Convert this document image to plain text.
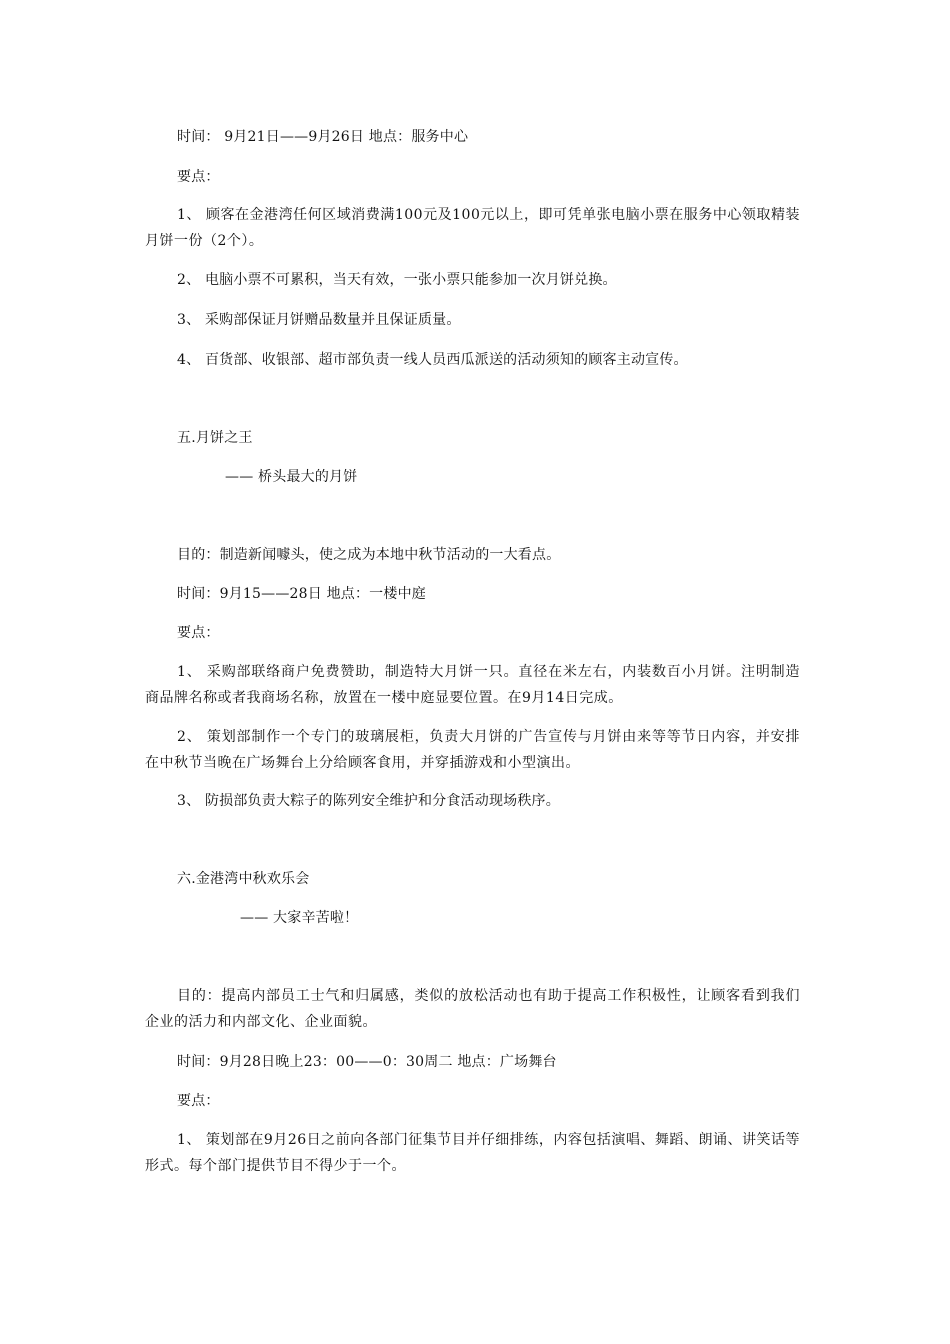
时间： 9月21日——9月26日 地点：服务中心
要点：
1、 顾客在金港湾任何区域消费满100元及100元以上，即可凭单张电脑小票在服务中心领取精装月饼一份（2个）。
2、 电脑小票不可累积，当天有效，一张小票只能参加一次月饼兑换。
3、 采购部保证月饼赠品数量并且保证质量。
4、 百货部、收银部、超市部负责一线人员西瓜派送的活动须知的顾客主动宣传。
五.月饼之王
—— 桥头最大的月饼
目的：制造新闻噱头，使之成为本地中秋节活动的一大看点。
时间：9月15——28日 地点：一楼中庭
要点：
1、 采购部联络商户免费赞助，制造特大月饼一只。直径在米左右，内装数百小月饼。注明制造商品牌名称或者我商场名称，放置在一楼中庭显要位置。在9月14日完成。
2、 策划部制作一个专门的玻璃展柜，负责大月饼的广告宣传与月饼由来等等节日内容，并安排在中秋节当晚在广场舞台上分给顾客食用，并穿插游戏和小型演出。
3、 防损部负责大粽子的陈列安全维护和分食活动现场秩序。
六.金港湾中秋欢乐会
—— 大家辛苦啦！
目的：提高内部员工士气和归属感，类似的放松活动也有助于提高工作积极性，让顾客看到我们企业的活力和内部文化、企业面貌。
时间：9月28日晚上23：00——0：30周二 地点：广场舞台
要点：
1、 策划部在9月26日之前向各部门征集节目并仔细排练，内容包括演唱、舞蹈、朗诵、讲笑话等形式。每个部门提供节目不得少于一个。
